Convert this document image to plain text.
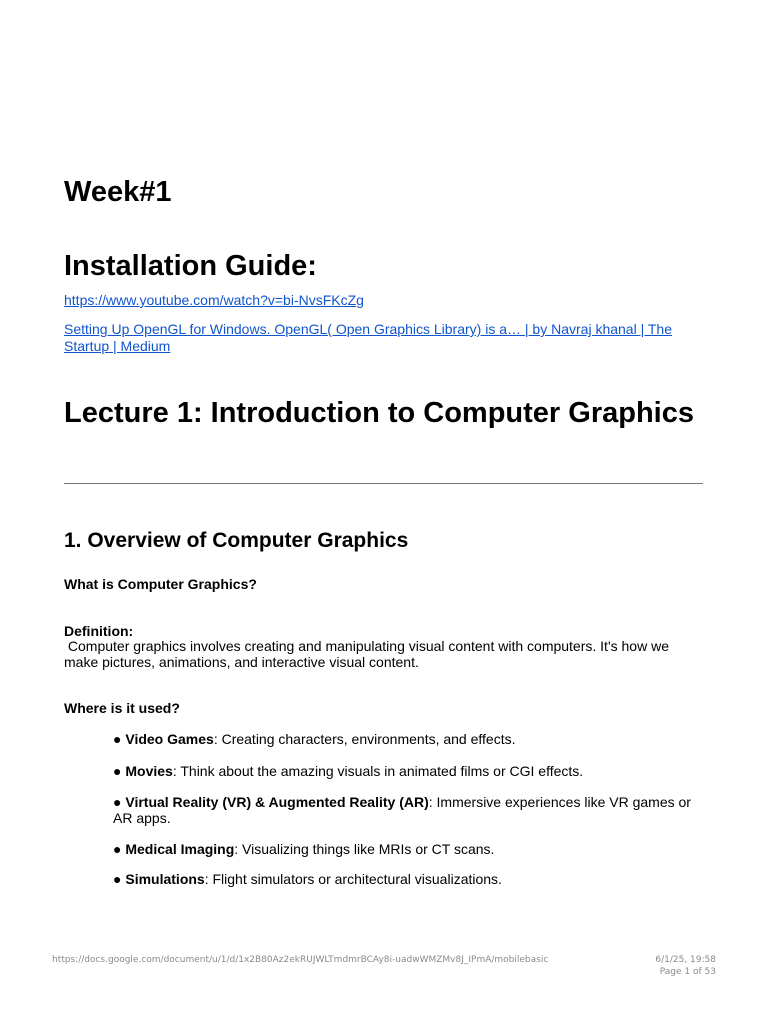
Week#1
Installation Guide:
https://www.youtube.com/watch?v=bi-NvsFKcZg
Setting Up OpenGL for Windows. OpenGL( Open Graphics Library) is a… | by Navraj khanal | The Startup | Medium
Lecture 1: Introduction to Computer Graphics
1. Overview of Computer Graphics
What is Computer Graphics?
Definition:
Computer graphics involves creating and manipulating visual content with computers. It's how we make pictures, animations, and interactive visual content.
Where is it used?
● Video Games: Creating characters, environments, and effects.
● Movies: Think about the amazing visuals in animated films or CGI effects.
● Virtual Reality (VR) & Augmented Reality (AR): Immersive experiences like VR games or AR apps.
● Medical Imaging: Visualizing things like MRIs or CT scans.
● Simulations: Flight simulators or architectural visualizations.
https://docs.google.com/document/u/1/d/1x2B80Az2ekRUJWLTmdmrBCAy8i-uadwWMZMv8J_IPmA/mobilebasic	6/1/25, 19:58
Page 1 of 53
